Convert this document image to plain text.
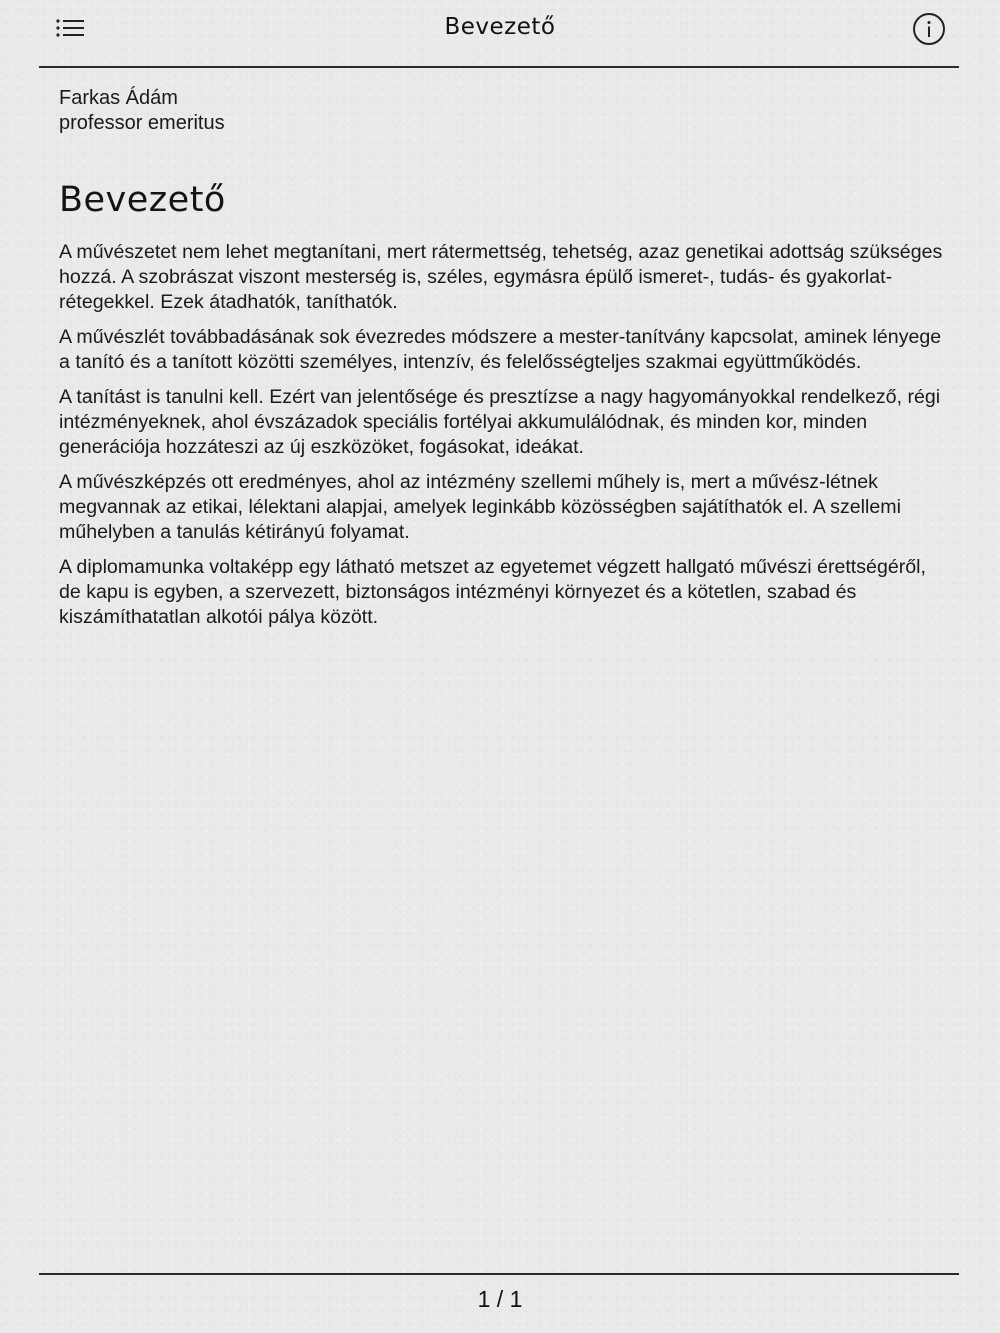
Bevezető
Farkas Ádám
professor emeritus
Bevezető

A művészetet nem lehet megtanítani, mert rátermettség, tehetség, azaz genetikai adottság szükséges hozzá. A szobrászat viszont mesterség is, széles, egymásra épülő ismeret-, tudás- és gyakorlat- rétegekkel. Ezek átadhatók, taníthatók.

A művészlét továbbadásának sok évezredes módszere a mester-tanítvány kapcsolat, aminek lényege a tanító és a tanított közötti személyes, intenzív, és felelősségteljes szakmai együttműködés.

A tanítást is tanulni kell. Ezért van jelentősége és presztízse a nagy hagyományokkal rendelkező, régi intézményeknek, ahol évszázadok speciális fortélyai akkumulálódnak, és minden kor, minden generációja hozzáteszi az új eszközöket, fogásokat, ideákat.

A művészképzés ott eredményes, ahol az intézmény szellemi műhely is, mert a művész-létnek megvannak az etikai, lélektani alapjai, amelyek leginkább közösségben sajátíthatók el. A szellemi műhelyben a tanulás kétirányú folyamat.

A diplomamunka voltaképp egy látható metszet az egyetemet végzett hallgató művészi érettségéről, de kapu is egyben, a szervezett, biztonságos intézményi környezet és a kötetlen, szabad és kiszámíthatatlan alkotói pálya között.

1 / 1
